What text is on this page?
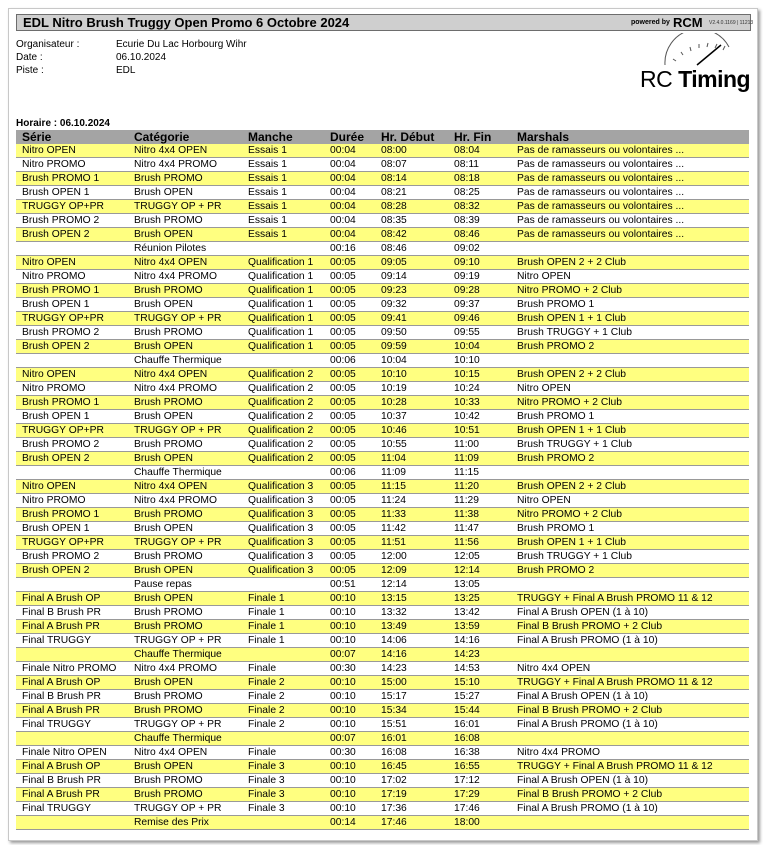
EDL Nitro Brush Truggy Open Promo 6 Octobre 2024	powered by RCM V2.4.0.1169 | 11213
Organisateur :	Ecurie Du Lac Horbourg Wihr
Date :	06.10.2024
Piste :	EDL	RC Timing
Horaire : 06.10.2024
Série	Catégorie	Manche	Durée	Hr. Début	Hr. Fin	Marshals
Nitro OPEN	Nitro 4x4 OPEN	Essais 1	00:04	08:00	08:04	Pas de ramasseurs ou volontaires ...
Nitro PROMO	Nitro 4x4 PROMO	Essais 1	00:04	08:07	08:11	Pas de ramasseurs ou volontaires ...
Brush PROMO 1	Brush PROMO	Essais 1	00:04	08:14	08:18	Pas de ramasseurs ou volontaires ...
Brush OPEN 1	Brush OPEN	Essais 1	00:04	08:21	08:25	Pas de ramasseurs ou volontaires ...
TRUGGY OP+PR	TRUGGY OP + PR	Essais 1	00:04	08:28	08:32	Pas de ramasseurs ou volontaires ...
Brush PROMO 2	Brush PROMO	Essais 1	00:04	08:35	08:39	Pas de ramasseurs ou volontaires ...
Brush OPEN 2	Brush OPEN	Essais 1	00:04	08:42	08:46	Pas de ramasseurs ou volontaires ...
	Réunion Pilotes		00:16	08:46	09:02	
Nitro OPEN	Nitro 4x4 OPEN	Qualification 1	00:05	09:05	09:10	Brush OPEN 2 + 2 Club
Nitro PROMO	Nitro 4x4 PROMO	Qualification 1	00:05	09:14	09:19	Nitro OPEN
Brush PROMO 1	Brush PROMO	Qualification 1	00:05	09:23	09:28	Nitro PROMO + 2 Club
Brush OPEN 1	Brush OPEN	Qualification 1	00:05	09:32	09:37	Brush PROMO 1
TRUGGY OP+PR	TRUGGY OP + PR	Qualification 1	00:05	09:41	09:46	Brush OPEN 1 + 1 Club
Brush PROMO 2	Brush PROMO	Qualification 1	00:05	09:50	09:55	Brush TRUGGY + 1 Club
Brush OPEN 2	Brush OPEN	Qualification 1	00:05	09:59	10:04	Brush PROMO 2
	Chauffe Thermique		00:06	10:04	10:10	
Nitro OPEN	Nitro 4x4 OPEN	Qualification 2	00:05	10:10	10:15	Brush OPEN 2 + 2 Club
Nitro PROMO	Nitro 4x4 PROMO	Qualification 2	00:05	10:19	10:24	Nitro OPEN
Brush PROMO 1	Brush PROMO	Qualification 2	00:05	10:28	10:33	Nitro PROMO + 2 Club
Brush OPEN 1	Brush OPEN	Qualification 2	00:05	10:37	10:42	Brush PROMO 1
TRUGGY OP+PR	TRUGGY OP + PR	Qualification 2	00:05	10:46	10:51	Brush OPEN 1 + 1 Club
Brush PROMO 2	Brush PROMO	Qualification 2	00:05	10:55	11:00	Brush TRUGGY + 1 Club
Brush OPEN 2	Brush OPEN	Qualification 2	00:05	11:04	11:09	Brush PROMO 2
	Chauffe Thermique		00:06	11:09	11:15	
Nitro OPEN	Nitro 4x4 OPEN	Qualification 3	00:05	11:15	11:20	Brush OPEN 2 + 2 Club
Nitro PROMO	Nitro 4x4 PROMO	Qualification 3	00:05	11:24	11:29	Nitro OPEN
Brush PROMO 1	Brush PROMO	Qualification 3	00:05	11:33	11:38	Nitro PROMO + 2 Club
Brush OPEN 1	Brush OPEN	Qualification 3	00:05	11:42	11:47	Brush PROMO 1
TRUGGY OP+PR	TRUGGY OP + PR	Qualification 3	00:05	11:51	11:56	Brush OPEN 1 + 1 Club
Brush PROMO 2	Brush PROMO	Qualification 3	00:05	12:00	12:05	Brush TRUGGY + 1 Club
Brush OPEN 2	Brush OPEN	Qualification 3	00:05	12:09	12:14	Brush PROMO 2
	Pause repas		00:51	12:14	13:05	
Final A Brush OP	Brush OPEN	Finale 1	00:10	13:15	13:25	TRUGGY + Final A Brush PROMO 11 & 12
Final B Brush PR	Brush PROMO	Finale 1	00:10	13:32	13:42	Final A Brush OPEN (1 à 10)
Final A Brush PR	Brush PROMO	Finale 1	00:10	13:49	13:59	Final B Brush PROMO + 2 Club
Final TRUGGY	TRUGGY OP + PR	Finale 1	00:10	14:06	14:16	Final A Brush PROMO (1 à 10)
	Chauffe Thermique		00:07	14:16	14:23	
Finale Nitro PROMO	Nitro 4x4 PROMO	Finale	00:30	14:23	14:53	Nitro 4x4 OPEN
Final A Brush OP	Brush OPEN	Finale 2	00:10	15:00	15:10	TRUGGY + Final A Brush PROMO 11 & 12
Final B Brush PR	Brush PROMO	Finale 2	00:10	15:17	15:27	Final A Brush OPEN (1 à 10)
Final A Brush PR	Brush PROMO	Finale 2	00:10	15:34	15:44	Final B Brush PROMO + 2 Club
Final TRUGGY	TRUGGY OP + PR	Finale 2	00:10	15:51	16:01	Final A Brush PROMO (1 à 10)
	Chauffe Thermique		00:07	16:01	16:08	
Finale Nitro OPEN	Nitro 4x4 OPEN	Finale	00:30	16:08	16:38	Nitro 4x4 PROMO
Final A Brush OP	Brush OPEN	Finale 3	00:10	16:45	16:55	TRUGGY + Final A Brush PROMO 11 & 12
Final B Brush PR	Brush PROMO	Finale 3	00:10	17:02	17:12	Final A Brush OPEN (1 à 10)
Final A Brush PR	Brush PROMO	Finale 3	00:10	17:19	17:29	Final B Brush PROMO + 2 Club
Final TRUGGY	TRUGGY OP + PR	Finale 3	00:10	17:36	17:46	Final A Brush PROMO (1 à 10)
	Remise des Prix		00:14	17:46	18:00	
